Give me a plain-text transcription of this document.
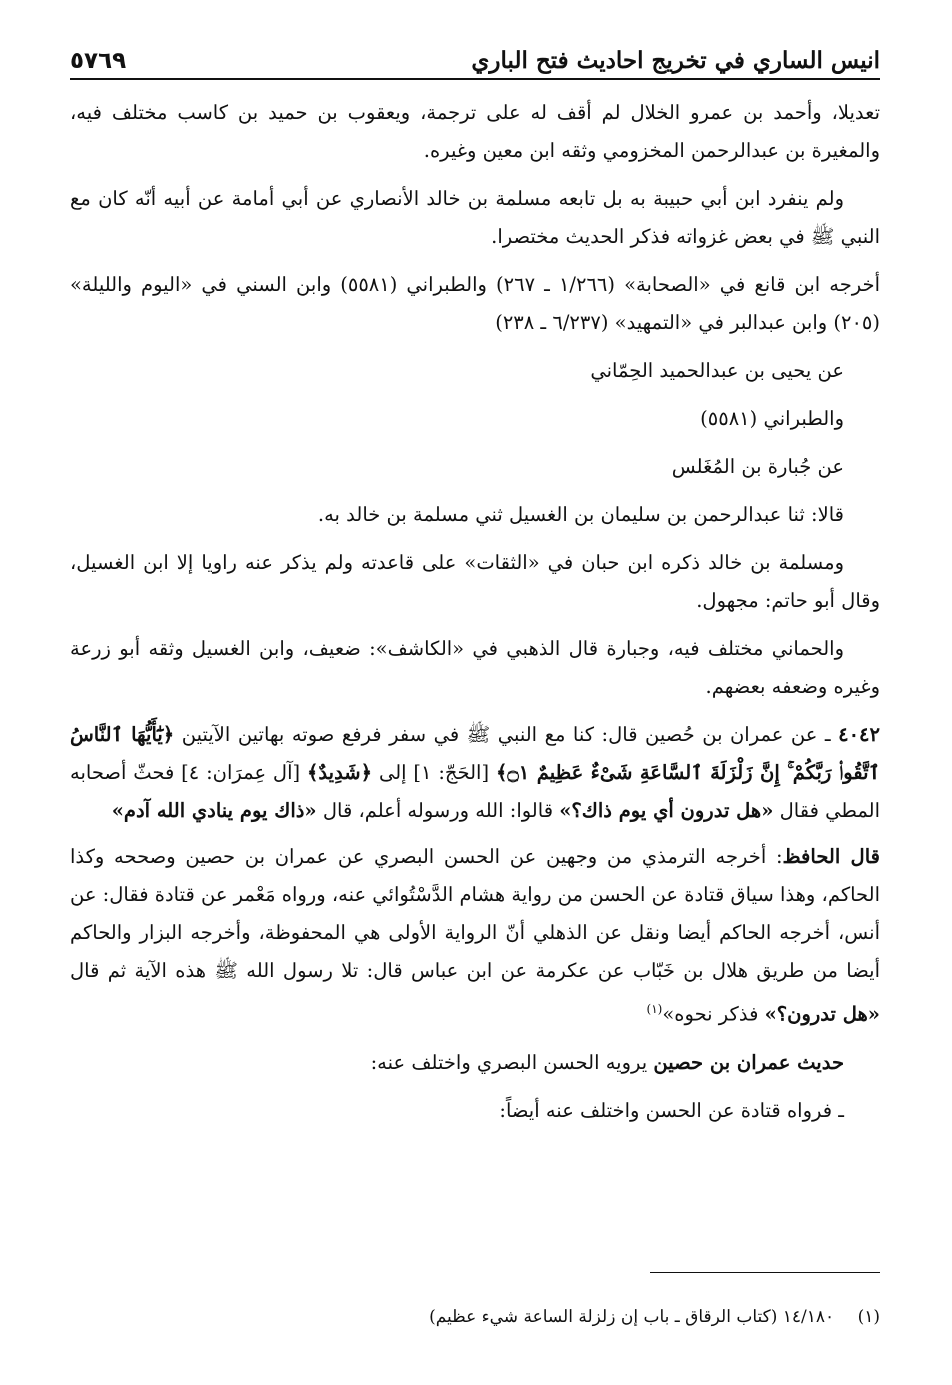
انيس الساري في تخريج احاديث فتح الباري
٥٧٦٩

تعديلا، وأحمد بن عمرو الخلال لم أقف له على ترجمة، ويعقوب بن حميد بن كاسب مختلف فيه، والمغيرة بن عبدالرحمن المخزومي وثقه ابن معين وغيره.

ولم ينفرد ابن أبي حبيبة به بل تابعه مسلمة بن خالد الأنصاري عن أبي أمامة عن أبيه أنّه كان مع النبي ﷺ في بعض غزواته فذكر الحديث مختصرا.

أخرجه ابن قانع في «الصحابة» (١/٢٦٦ ـ ٢٦٧) والطبراني (٥٥٨١) وابن السني في «اليوم والليلة» (٢٠٥) وابن عبدالبر في «التمهيد» (٦/٢٣٧ ـ ٢٣٨)

عن يحيى بن عبدالحميد الحِمّاني

والطبراني (٥٥٨١)

عن جُبارة بن المُغَلس

قالا: ثنا عبدالرحمن بن سليمان بن الغسيل ثني مسلمة بن خالد به.

ومسلمة بن خالد ذكره ابن حبان في «الثقات» على قاعدته ولم يذكر عنه راويا إلا ابن الغسيل، وقال أبو حاتم: مجهول.

والحماني مختلف فيه، وجبارة قال الذهبي في «الكاشف»: ضعيف، وابن الغسيل وثقه أبو زرعة وغيره وضعفه بعضهم.

٤٠٤٢ ـ عن عمران بن حُصين قال: كنا مع النبي ﷺ في سفر فرفع صوته بهاتين الآيتين ﴿يَٰٓأَيُّهَا ٱلنَّاسُ ٱتَّقُوا۟ رَبَّكُمْ ۚ إِنَّ زَلْزَلَةَ ٱلسَّاعَةِ شَىْءٌ عَظِيمٌ ۝١﴾ [الحَجّ: ١] إلى ﴿شَدِيدٌ﴾ [آل عِمرَان: ٤] فحثّ أصحابه المطي فقال «هل تدرون أي يوم ذاك؟» قالوا: الله ورسوله أعلم، قال «ذاك يوم ينادي الله آدم»

قال الحافظ: أخرجه الترمذي من وجهين عن الحسن البصري عن عمران بن حصين وصححه وكذا الحاكم، وهذا سياق قتادة عن الحسن من رواية هشام الدَّسْتُوائي عنه، ورواه مَعْمر عن قتادة فقال: عن أنس، أخرجه الحاكم أيضا ونقل عن الذهلي أنّ الرواية الأولى هي المحفوظة، وأخرجه البزار والحاكم أيضا من طريق هلال بن خَبّاب عن عكرمة عن ابن عباس قال: تلا رسول الله ﷺ هذه الآية ثم قال «هل تدرون؟» فذكر نحوه»$^{(١)}$

حديث عمران بن حصين يرويه الحسن البصري واختلف عنه:

ـ فرواه قتادة عن الحسن واختلف عنه أيضاً:

(١) ١٤/١٨٠ (كتاب الرقاق ـ باب إن زلزلة الساعة شيء عظيم)
